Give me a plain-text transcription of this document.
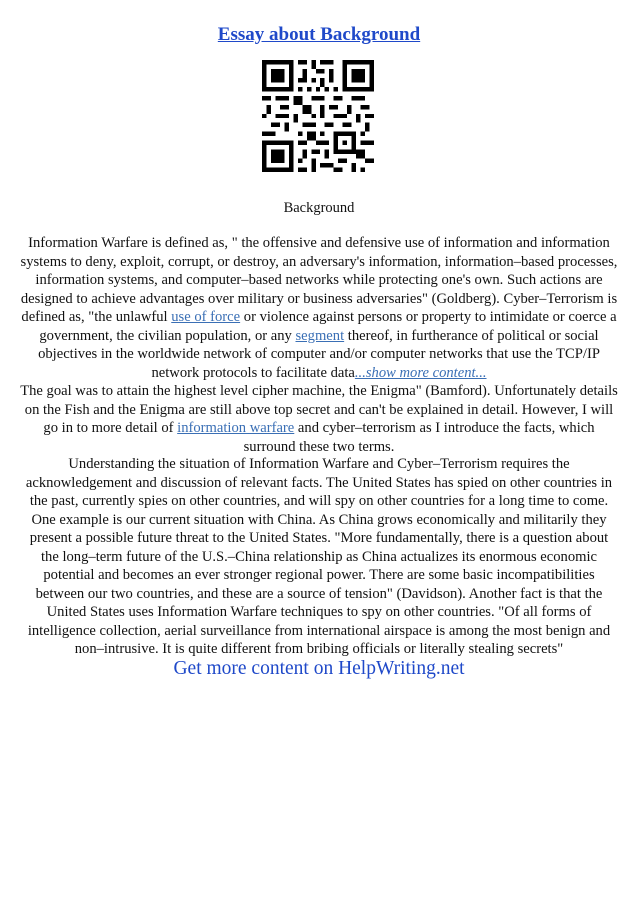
Essay about Background

Background

Information Warfare is defined as, " the offensive and defensive use of information and information systems to deny, exploit, corrupt, or destroy, an adversary's information, information–based processes, information systems, and computer–based networks while protecting one's own. Such actions are designed to achieve advantages over military or business adversaries" (Goldberg). Cyber–Terrorism is defined as, "the unlawful use of force or violence against persons or property to intimidate or coerce a government, the civilian population, or any segment thereof, in furtherance of political or social objectives in the worldwide network of computer and/or computer networks that use the TCP/IP network protocols to facilitate data...show more content...
The goal was to attain the highest level cipher machine, the Enigma" (Bamford). Unfortunately details on the Fish and the Enigma are still above top secret and can't be explained in detail. However, I will go in to more detail of information warfare and cyber–terrorism as I introduce the facts, which surround these two terms.

Understanding the situation of Information Warfare and Cyber–Terrorism requires the acknowledgement and discussion of relevant facts. The United States has spied on other countries in the past, currently spies on other countries, and will spy on other countries for a long time to come. One example is our current situation with China. As China grows economically and militarily they present a possible future threat to the United States. "More fundamentally, there is a question about the long–term future of the U.S.–China relationship as China actualizes its enormous economic potential and becomes an ever stronger regional power. There are some basic incompatibilities between our two countries, and these are a source of tension" (Davidson). Another fact is that the United States uses Information Warfare techniques to spy on other countries. "Of all forms of intelligence collection, aerial surveillance from international airspace is among the most benign and non–intrusive. It is quite different from bribing officials or literally stealing secrets"

Get more content on HelpWriting.net
